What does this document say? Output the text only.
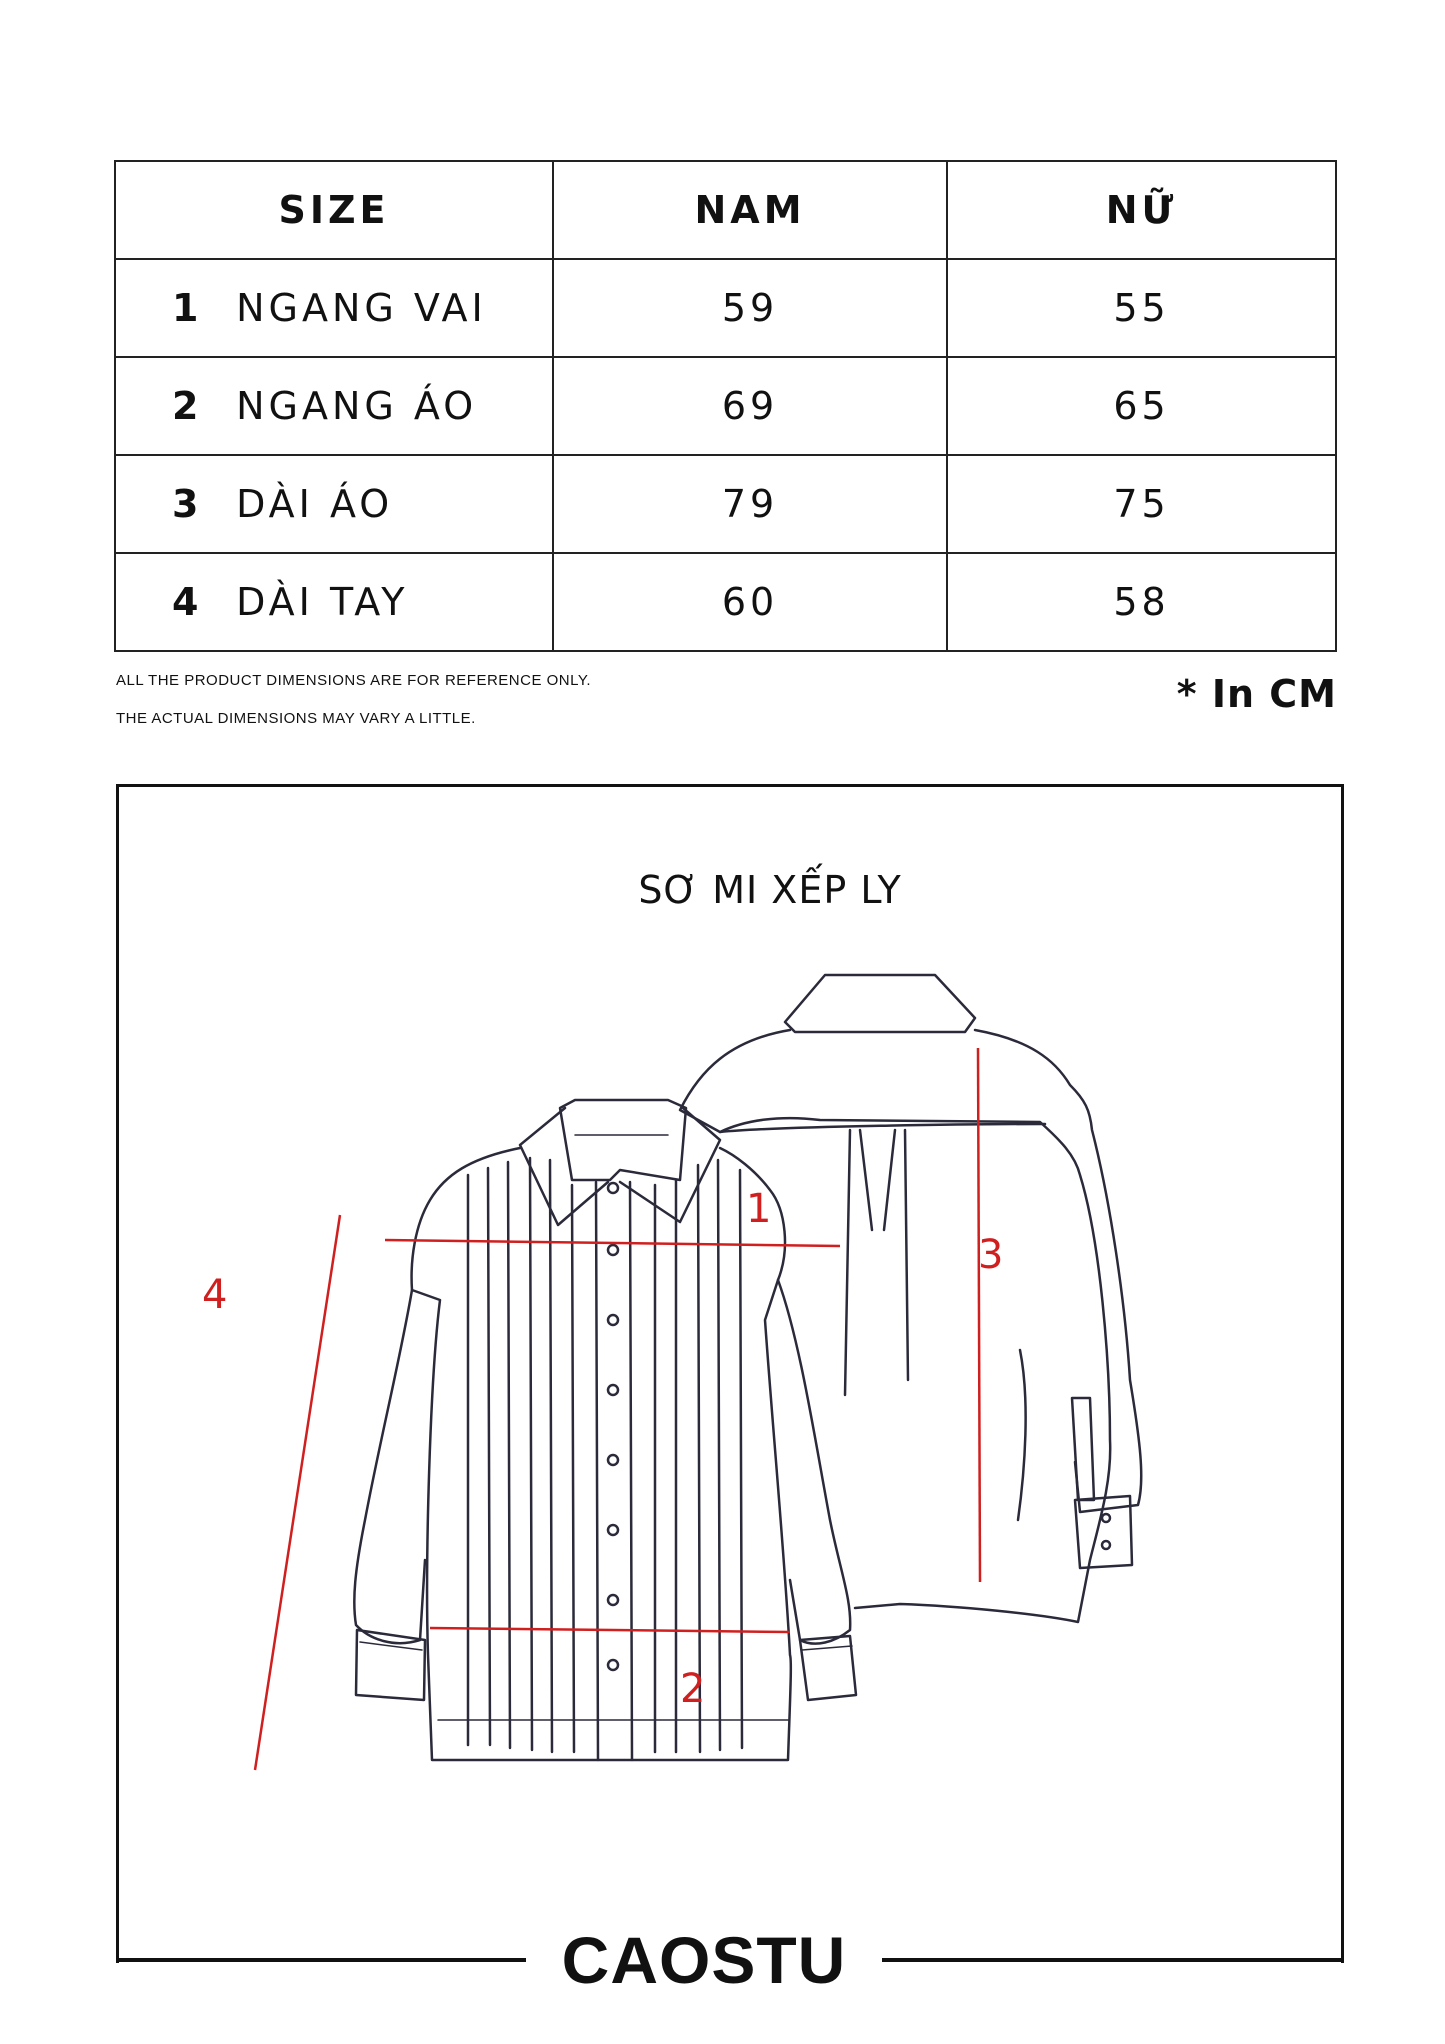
SIZE	NAM	NỮ
1 NGANG VAI	59	55
2 NGANG ÁO	69	65
3 DÀI ÁO	79	75
4 DÀI TAY	60	58
ALL THE PRODUCT DIMENSIONS ARE FOR REFERENCE ONLY.
THE ACTUAL DIMENSIONS MAY VARY A LITTLE.
* In CM
SƠ MI XẾP LY
1
2
3
4
CAOSTU
